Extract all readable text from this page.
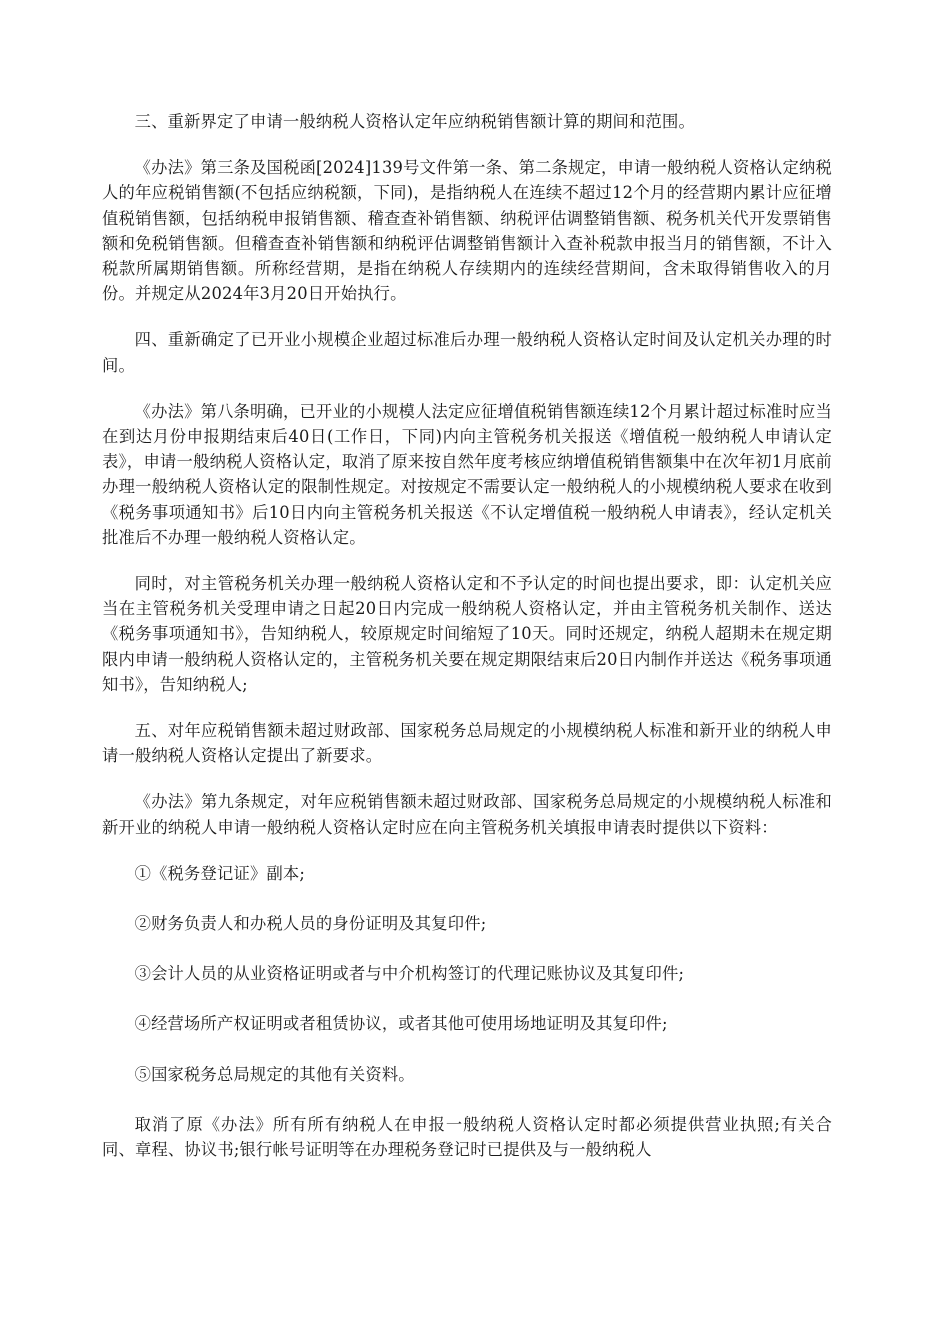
三、重新界定了申请一般纳税人资格认定年应纳税销售额计算的期间和范围。

《办法》第三条及国税函[2024]139号文件第一条、第二条规定，申请一般纳税人资格认定纳税人的年应税销售额(不包括应纳税额，下同)，是指纳税人在连续不超过12个月的经营期内累计应征增值税销售额，包括纳税申报销售额、稽查查补销售额、纳税评估调整销售额、税务机关代开发票销售额和免税销售额。但稽查查补销售额和纳税评估调整销售额计入查补税款申报当月的销售额，不计入税款所属期销售额。所称经营期，是指在纳税人存续期内的连续经营期间，含未取得销售收入的月份。并规定从2024年3月20日开始执行。

四、重新确定了已开业小规模企业超过标准后办理一般纳税人资格认定时间及认定机关办理的时间。

《办法》第八条明确，已开业的小规模人法定应征增值税销售额连续12个月累计超过标准时应当在到达月份申报期结束后40日(工作日，下同)内向主管税务机关报送《增值税一般纳税人申请认定表》，申请一般纳税人资格认定，取消了原来按自然年度考核应纳增值税销售额集中在次年初1月底前办理一般纳税人资格认定的限制性规定。对按规定不需要认定一般纳税人的小规模纳税人要求在收到《税务事项通知书》后10日内向主管税务机关报送《不认定增值税一般纳税人申请表》，经认定机关批准后不办理一般纳税人资格认定。

同时，对主管税务机关办理一般纳税人资格认定和不予认定的时间也提出要求，即：认定机关应当在主管税务机关受理申请之日起20日内完成一般纳税人资格认定，并由主管税务机关制作、送达《税务事项通知书》，告知纳税人，较原规定时间缩短了10天。同时还规定，纳税人超期未在规定期限内申请一般纳税人资格认定的，主管税务机关要在规定期限结束后20日内制作并送达《税务事项通知书》，告知纳税人;

五、对年应税销售额未超过财政部、国家税务总局规定的小规模纳税人标准和新开业的纳税人申请一般纳税人资格认定提出了新要求。

《办法》第九条规定，对年应税销售额未超过财政部、国家税务总局规定的小规模纳税人标准和新开业的纳税人申请一般纳税人资格认定时应在向主管税务机关填报申请表时提供以下资料：

①《税务登记证》副本;

②财务负责人和办税人员的身份证明及其复印件;

③会计人员的从业资格证明或者与中介机构签订的代理记账协议及其复印件;

④经营场所产权证明或者租赁协议，或者其他可使用场地证明及其复印件;

⑤国家税务总局规定的其他有关资料。

取消了原《办法》所有所有纳税人在申报一般纳税人资格认定时都必须提供营业执照;有关合同、章程、协议书;银行帐号证明等在办理税务登记时已提供及与一般纳税人
